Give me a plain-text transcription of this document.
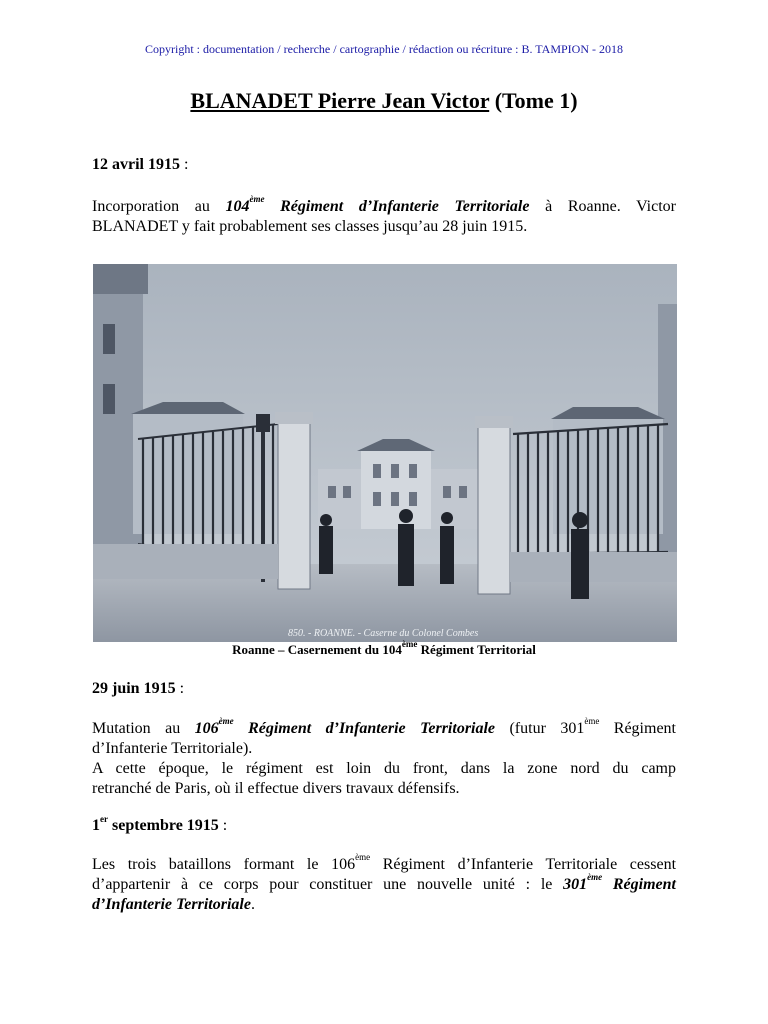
Copyright : documentation / recherche / cartographie / rédaction ou récriture : B. TAMPION - 2018
BLANADET Pierre Jean Victor (Tome 1)
12 avril 1915 :
Incorporation au 104ème Régiment d’Infanterie Territoriale à Roanne. Victor
BLANADET y fait probablement ses classes jusqu’au 28 juin 1915.
850. - ROANNE. - Caserne du Colonel Combes
Roanne – Casernement du 104ème Régiment Territorial
29 juin 1915 :
Mutation au 106ème Régiment d’Infanterie Territoriale (futur 301ème Régiment
d’Infanterie Territoriale).
A cette époque, le régiment est loin du front, dans la zone nord du camp
retranché de Paris, où il effectue divers travaux défensifs.
1er septembre 1915 :
Les trois bataillons formant le 106ème Régiment d’Infanterie Territoriale cessent
d’appartenir à ce corps pour constituer une nouvelle unité : le 301ème Régiment
d’Infanterie Territoriale.
